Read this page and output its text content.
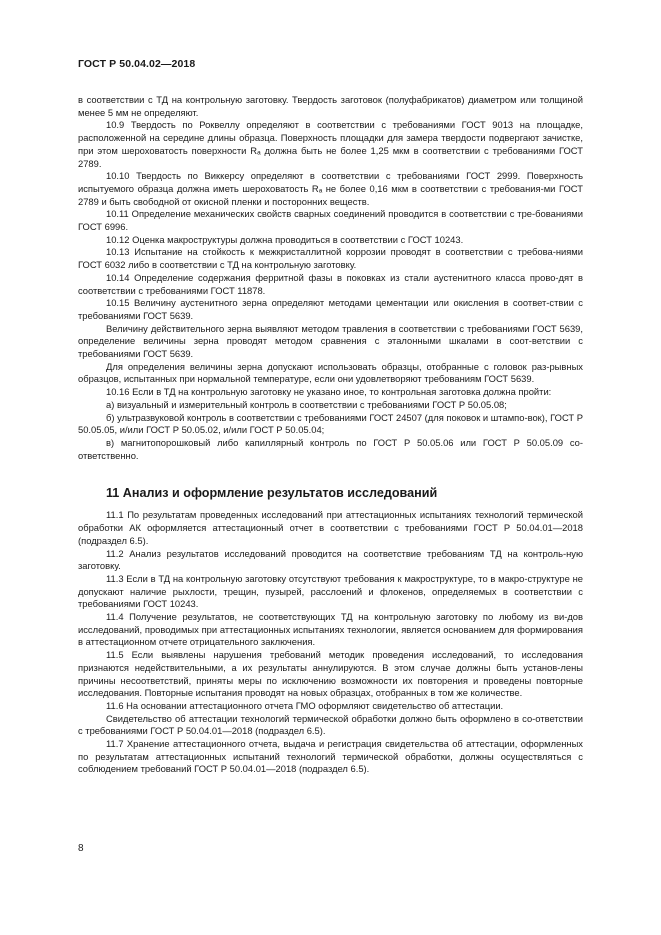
ГОСТ Р 50.04.02—2018

в соответствии с ТД на контрольную заготовку. Твердость заготовок (полуфабрикатов) диаметром или толщиной менее 5 мм не определяют.

10.9 Твердость по Роквеллу определяют в соответствии с требованиями ГОСТ 9013 на площадке, расположенной на середине длины образца. Поверхность площадки для замера твердости подвергают зачистке, при этом шероховатость поверхности Rₐ должна быть не более 1,25 мкм в соответствии с требованиями ГОСТ 2789.

10.10 Твердость по Виккерсу определяют в соответствии с требованиями ГОСТ 2999. Поверхность испытуемого образца должна иметь шероховатость Rₐ не более 0,16 мкм в соответствии с требования-ми ГОСТ 2789 и быть свободной от окисной пленки и посторонних веществ.

10.11 Определение механических свойств сварных соединений проводится в соответствии с тре-бованиями ГОСТ 6996.

10.12 Оценка макроструктуры должна проводиться в соответствии с ГОСТ 10243.

10.13 Испытание на стойкость к межкристаллитной коррозии проводят в соответствии с требова-ниями ГОСТ 6032 либо в соответствии с ТД на контрольную заготовку.

10.14 Определение содержания ферритной фазы в поковках из стали аустенитного класса прово-дят в соответствии с требованиями ГОСТ 11878.

10.15 Величину аустенитного зерна определяют методами цементации или окисления в соответ-ствии с требованиями ГОСТ 5639.

Величину действительного зерна выявляют методом травления в соответствии с требованиями ГОСТ 5639, определение величины зерна проводят методом сравнения с эталонными шкалами в соот-ветствии с требованиями ГОСТ 5639.

Для определения величины зерна допускают использовать образцы, отобранные с головок раз-рывных образцов, испытанных при нормальной температуре, если они удовлетворяют требованиям ГОСТ 5639.

10.16 Если в ТД на контрольную заготовку не указано иное, то контрольная заготовка должна пройти:

а) визуальный и измерительный контроль в соответствии с требованиями ГОСТ Р 50.05.08;

б) ультразвуковой контроль в соответствии с требованиями ГОСТ 24507 (для поковок и штампо-вок), ГОСТ Р 50.05.05, и/или ГОСТ Р 50.05.02, и/или ГОСТ Р 50.05.04;

в) магнитопорошковый либо капиллярный контроль по ГОСТ Р 50.05.06 или ГОСТ Р 50.05.09 со-ответственно.

11 Анализ и оформление результатов исследований

11.1 По результатам проведенных исследований при аттестационных испытаниях технологий термической обработки АК оформляется аттестационный отчет в соответствии с требованиями ГОСТ Р 50.04.01—2018 (подраздел 6.5).

11.2 Анализ результатов исследований проводится на соответствие требованиям ТД на контроль-ную заготовку.

11.3 Если в ТД на контрольную заготовку отсутствуют требования к макроструктуре, то в макро-структуре не допускают наличие рыхлости, трещин, пузырей, расслоений и флокенов, определяемых в соответствии с требованиями ГОСТ 10243.

11.4 Получение результатов, не соответствующих ТД на контрольную заготовку по любому из ви-дов исследований, проводимых при аттестационных испытаниях технологии, является основанием для формирования в аттестационном отчете отрицательного заключения.

11.5 Если выявлены нарушения требований методик проведения исследований, то исследования признаются недействительными, а их результаты аннулируются. В этом случае должны быть установ-лены причины несоответствий, приняты меры по исключению возможности их повторения и проведены повторные исследования. Повторные испытания проводят на новых образцах, отобранных в том же количестве.

11.6 На основании аттестационного отчета ГМО оформляют свидетельство об аттестации.

Свидетельство об аттестации технологий термической обработки должно быть оформлено в со-ответствии с требованиями ГОСТ Р 50.04.01—2018 (подраздел 6.5).

11.7 Хранение аттестационного отчета, выдача и регистрация свидетельства об аттестации, оформленных по результатам аттестационных испытаний технологий термической обработки, должны осуществляться с соблюдением требований ГОСТ Р 50.04.01—2018 (подраздел 6.5).

8
